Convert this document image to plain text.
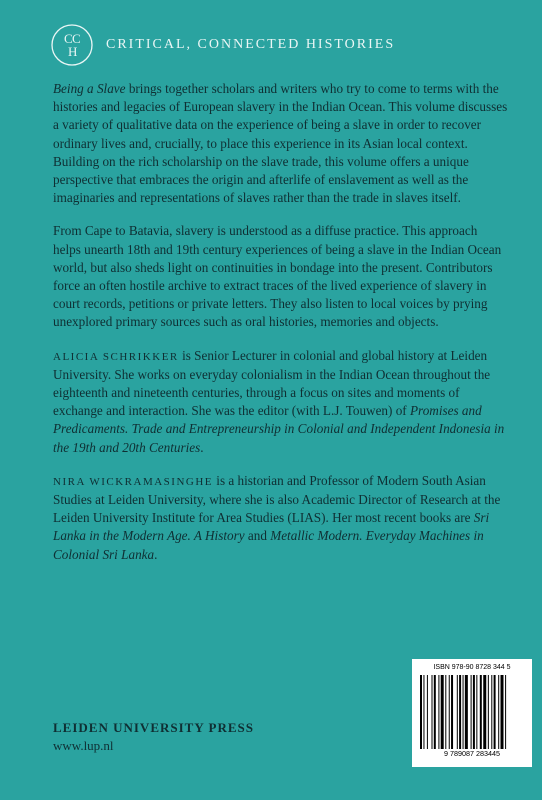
C C
H CRITICAL, CONNECTED HISTORIES

Being a Slave brings together scholars and writers who try to come to terms with the histories and legacies of European slavery in the Indian Ocean. This volume discusses a variety of qualitative data on the experience of being a slave in order to recover ordinary lives and, crucially, to place this experience in its Asian local context. Building on the rich scholarship on the slave trade, this volume offers a unique perspective that embraces the origin and afterlife of enslavement as well as the imaginaries and representations of slaves rather than the trade in slaves itself.

From Cape to Batavia, slavery is understood as a diffuse practice. This approach helps unearth 18th and 19th century experiences of being a slave in the Indian Ocean world, but also sheds light on continuities in bondage into the present. Contributors force an often hostile archive to extract traces of the lived experience of slavery in court records, petitions or private letters. They also listen to local voices by prying unexplored primary sources such as oral histories, memories and objects.

ALICIA SCHRIKKER is Senior Lecturer in colonial and global history at Leiden University. She works on everyday colonialism in the Indian Ocean throughout the eighteenth and nineteenth centuries, through a focus on sites and moments of exchange and interaction. She was the editor (with L.J. Touwen) of Promises and Predicaments. Trade and Entrepreneurship in Colonial and Independent Indonesia in the 19th and 20th Centuries.

NIRA WICKRAMASINGHE is a historian and Professor of Modern South Asian Studies at Leiden University, where she is also Academic Director of Research at the Leiden University Institute for Area Studies (LIAS). Her most recent books are Sri Lanka in the Modern Age. A History and Metallic Modern. Everyday Machines in Colonial Sri Lanka.

LEIDEN UNIVERSITY PRESS
www.lup.nl
ISBN 978-90 8728 344 5
9 789087 283445
